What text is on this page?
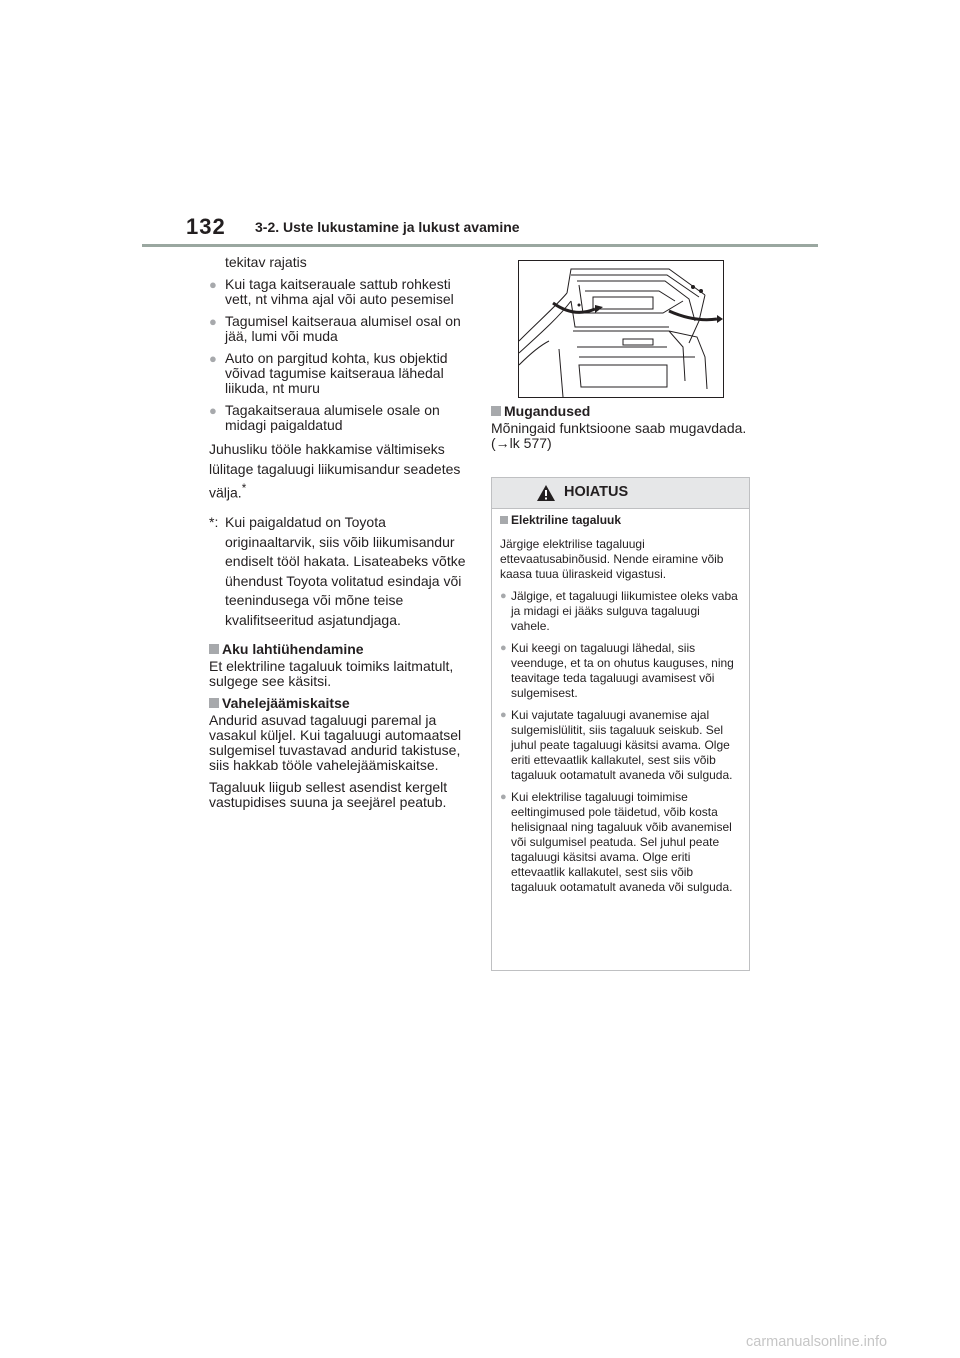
132 3-2. Uste lukustamine ja lukust avamine

tekitav rajatis

● Kui taga kaitserauale sattub rohkesti vett, nt vihma ajal või auto pesemisel
● Tagumisel kaitseraua alumisel osal on jää, lumi või muda
● Auto on pargitud kohta, kus objektid võivad tagumise kaitseraua lähedal liikuda, nt muru
● Tagakaitseraua alumisele osale on midagi paigaldatud

Juhusliku tööle hakkamise vältimiseks lülitage tagaluugi liikumisandur seadetes välja.*

*: Kui paigaldatud on Toyota originaaltarvik, siis võib liikumisandur endiselt tööl hakata. Lisateabeks võtke ühendust Toyota volitatud esindaja või teenindusega või mõne teise kvalifitseeritud asjatundjaga.
Aku lahtiühendamine

Et elektriline tagaluuk toimiks laitmatult, sulgege see käsitsi.

Vahelejäämiskaitse

Andurid asuvad tagaluugi paremal ja vasakul küljel. Kui tagaluugi automaatsel sulgemisel tuvastavad andurid takistuse, siis hakkab tööle vahelejäämiskaitse.

Tagaluuk liigub sellest asendist kergelt vastupidises suuna ja seejärel peatub.

Mugandused

Mõningaid funktsioone saab mugavdada. (→lk 577)

HOIATUS
Elektriline tagaluuk

Järgige elektrilise tagaluugi ettevaatusabinõusid. Nende eiramine võib kaasa tuua üliraskeid vigastusi.

● Jälgige, et tagaluugi liikumistee oleks vaba ja midagi ei jääks sulguva tagaluugi vahele.
● Kui keegi on tagaluugi lähedal, siis veenduge, et ta on ohutus kauguses, ning teavitage teda tagaluugi avamisest või sulgemisest.
● Kui vajutate tagaluugi avanemise ajal sulgemislülitit, siis tagaluuk seiskub. Sel juhul peate tagaluugi käsitsi avama. Olge eriti ettevaatlik kallakutel, sest siis võib tagaluuk ootamatult avaneda või sulguda.
● Kui elektrilise tagaluugi toimimise eeltingimused pole täidetud, võib kosta helisignaal ning tagaluuk võib avanemisel või sulgumisel peatuda. Sel juhul peate tagaluugi käsitsi avama. Olge eriti ettevaatlik kallakutel, sest siis võib tagaluuk ootamatult avaneda või sulguda.
carmanualsonline.info
